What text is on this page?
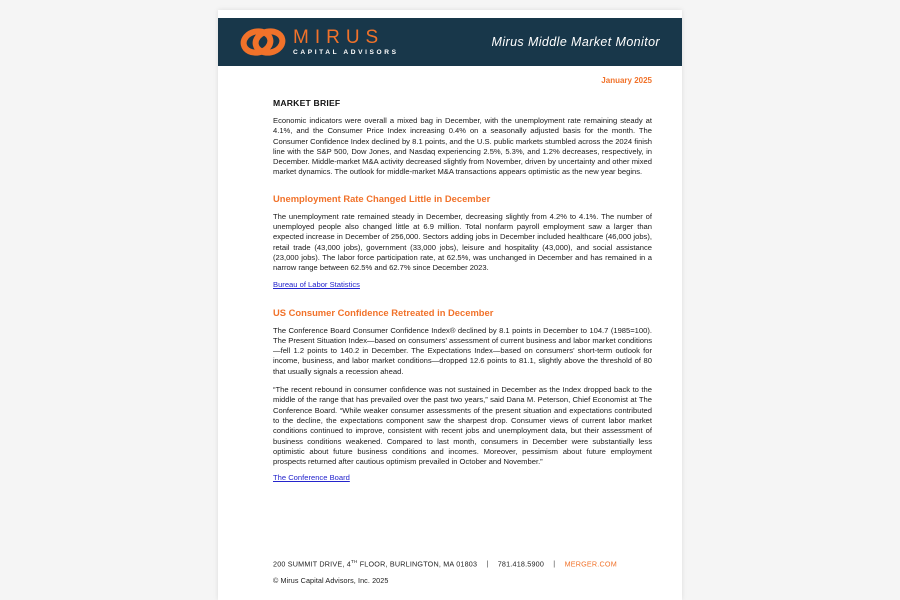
MIRUS
CAPITAL ADVISORS
Mirus Middle Market Monitor
January 2025
MARKET BRIEF

Economic indicators were overall a mixed bag in December, with the unemployment rate remaining steady at 4.1%, and the Consumer Price Index increasing 0.4% on a seasonally adjusted basis for the month. The Consumer Confidence Index declined by 8.1 points, and the U.S. public markets stumbled across the 2024 finish line with the S&P 500, Dow Jones, and Nasdaq experiencing 2.5%, 5.3%, and 1.2% decreases, respectively, in December. Middle-market M&A activity decreased slightly from November, driven by uncertainty and other mixed market dynamics. The outlook for middle-market M&A transactions appears optimistic as the new year begins.

Unemployment Rate Changed Little in December

The unemployment rate remained steady in December, decreasing slightly from 4.2% to 4.1%. The number of unemployed people also changed little at 6.9 million. Total nonfarm payroll employment saw a larger than expected increase in December of 256,000. Sectors adding jobs in December included healthcare (46,000 jobs), retail trade (43,000 jobs), government (33,000 jobs), leisure and hospitality (43,000), and social assistance (23,000 jobs). The labor force participation rate, at 62.5%, was unchanged in December and has remained in a narrow range between 62.5% and 62.7% since December 2023.

Bureau of Labor Statistics
US Consumer Confidence Retreated in December

The Conference Board Consumer Confidence Index® declined by 8.1 points in December to 104.7 (1985=100). The Present Situation Index—based on consumers’ assessment of current business and labor market conditions—fell 1.2 points to 140.2 in December. The Expectations Index—based on consumers’ short-term outlook for income, business, and labor market conditions—dropped 12.6 points to 81.1, slightly above the threshold of 80 that usually signals a recession ahead.

“The recent rebound in consumer confidence was not sustained in December as the Index dropped back to the middle of the range that has prevailed over the past two years,” said Dana M. Peterson, Chief Economist at The Conference Board. “While weaker consumer assessments of the present situation and expectations contributed to the decline, the expectations component saw the sharpest drop. Consumer views of current labor market conditions continued to improve, consistent with recent jobs and unemployment data, but their assessment of business conditions weakened. Compared to last month, consumers in December were substantially less optimistic about future business conditions and incomes. Moreover, pessimism about future employment prospects returned after cautious optimism prevailed in October and November.”

The Conference Board
200 SUMMIT DRIVE, 4TH FLOOR, BURLINGTON, MA 01803 | 781.418.5900 | MERGER.COM
© Mirus Capital Advisors, Inc. 2025
